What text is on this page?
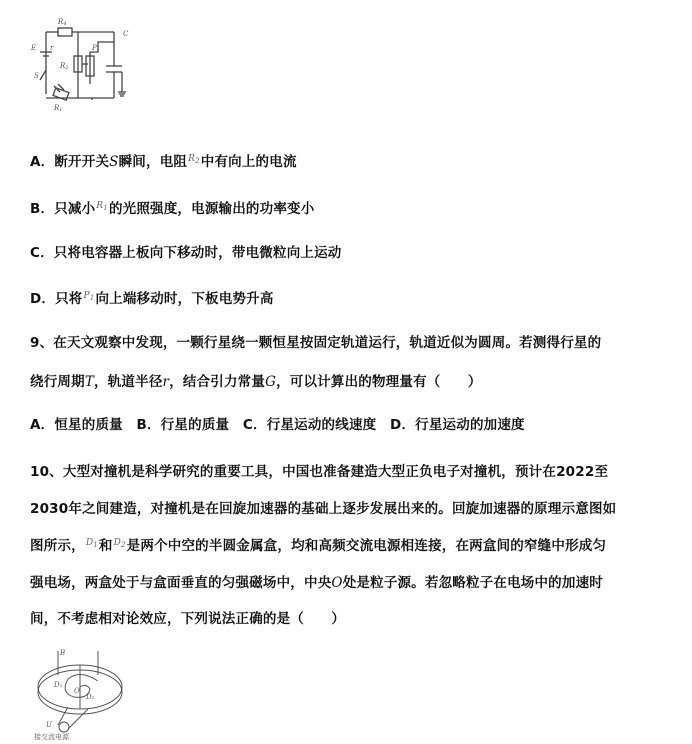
R4
E r
S
R2
P1
C
R1
A．断开开关S瞬间，电阻$^{R_2}$中有向上的电流
B．只减小$^{R_1}$的光照强度，电源输出的功率变小
C．只将电容器上板向下移动时，带电微粒向上运动
D．只将$^{P_1}$向上端移动时，下板电势升高
9、在天文观察中发现，一颗行星绕一颗恒星按固定轨道运行，轨道近似为圆周。若测得行星的
绕行周期T，轨道半径r，结合引力常量G，可以计算出的物理量有（　　）
A．恒星的质量　B．行星的质量　C．行星运动的线速度　D．行星运动的加速度
10、大型对撞机是科学研究的重要工具，中国也准备建造大型正负电子对撞机，预计在2022至
2030年之间建造，对撞机是在回旋加速器的基础上逐步发展出来的。回旋加速器的原理示意图如
图所示，$^{D_1}$和$^{D_2}$是两个中空的半圆金属盒，均和高频交流电源相连接，在两盒间的窄缝中形成匀
强电场，两盒处于与盒面垂直的匀强磁场中，中央O处是粒子源。若忽略粒子在电场中的加速时
间，不考虑相对论效应，下列说法正确的是（　　）
B
D₁
D₂
O
U
接交流电源
